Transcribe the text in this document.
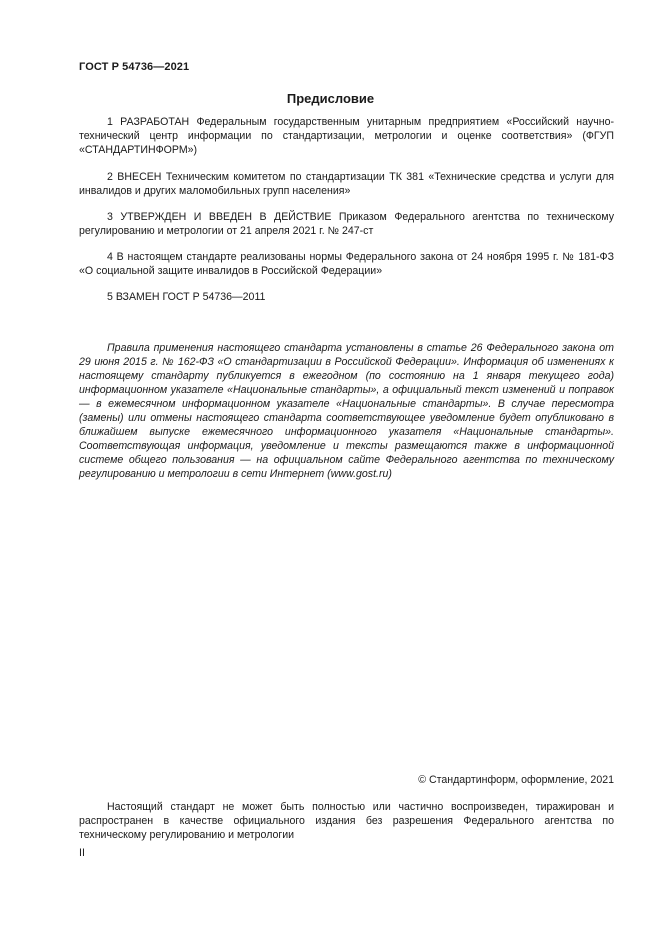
ГОСТ Р 54736—2021
Предисловие

1 РАЗРАБОТАН Федеральным государственным унитарным предприятием «Российский научно-технический центр информации по стандартизации, метрологии и оценке соответствия» (ФГУП «СТАНДАРТИНФОРМ»)

2 ВНЕСЕН Техническим комитетом по стандартизации ТК 381 «Технические средства и услуги для инвалидов и других маломобильных групп населения»

3 УТВЕРЖДЕН И ВВЕДЕН В ДЕЙСТВИЕ Приказом Федерального агентства по техническому регулированию и метрологии от 21 апреля 2021 г. № 247-ст

4 В настоящем стандарте реализованы нормы Федерального закона от 24 ноября 1995 г. № 181-ФЗ «О социальной защите инвалидов в Российской Федерации»

5 ВЗАМЕН ГОСТ Р 54736—2011

Правила применения настоящего стандарта установлены в статье 26 Федерального закона от 29 июня 2015 г. № 162-ФЗ «О стандартизации в Российской Федерации». Информация об изменениях к настоящему стандарту публикуется в ежегодном (по состоянию на 1 января текущего года) информационном указателе «Национальные стандарты», а официальный текст изменений и поправок — в ежемесячном информационном указателе «Национальные стандарты». В случае пересмотра (замены) или отмены настоящего стандарта соответствующее уведомление будет опубликовано в ближайшем выпуске ежемесячного информационного указателя «Национальные стандарты». Соответствующая информация, уведомление и тексты размещаются также в информационной системе общего пользования — на официальном сайте Федерального агентства по техническому регулированию и метрологии в сети Интернет (www.gost.ru)

© Стандартинформ, оформление, 2021

Настоящий стандарт не может быть полностью или частично воспроизведен, тиражирован и распространен в качестве официального издания без разрешения Федерального агентства по техническому регулированию и метрологии

II
